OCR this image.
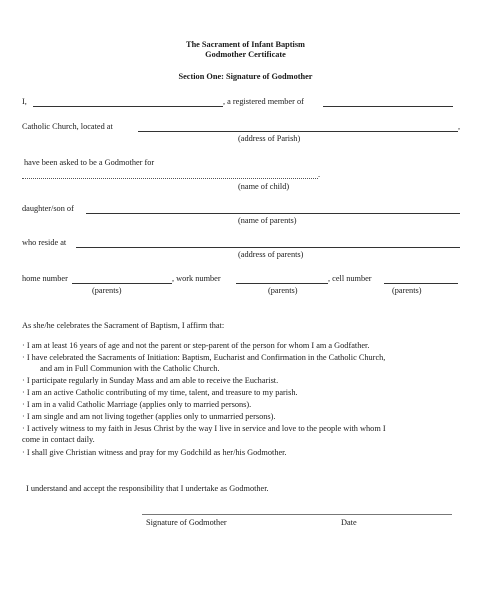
The Sacrament of Infant Baptism
Godmother Certificate
Section One: Signature of Godmother
I,	, a registered member of
Catholic Church, located at	,
(address of Parish)
have been asked to be a Godmother for
.
(name of child)
daughter/son of
(name of parents)
who reside at
(address of parents)
home number	, work number	, cell number
(parents)	(parents)	(parents)
As she/he celebrates the Sacrament of Baptism, I affirm that:
· I am at least 16 years of age and not the parent or step-parent of the person for whom I am a Godfather.
· I have celebrated the Sacraments of Initiation: Baptism, Eucharist and Confirmation in the Catholic Church,
and am in Full Communion with the Catholic Church.
· I participate regularly in Sunday Mass and am able to receive the Eucharist.
· I am an active Catholic contributing of my time, talent, and treasure to my parish.
· I am in a valid Catholic Marriage (applies only to married persons).
· I am single and am not living together (applies only to unmarried persons).
· I actively witness to my faith in Jesus Christ by the way I live in service and love to the people with whom I
come in contact daily.
· I shall give Christian witness and pray for my Godchild as her/his Godmother.
I understand and accept the responsibility that I undertake as Godmother.
Signature of Godmother	Date
